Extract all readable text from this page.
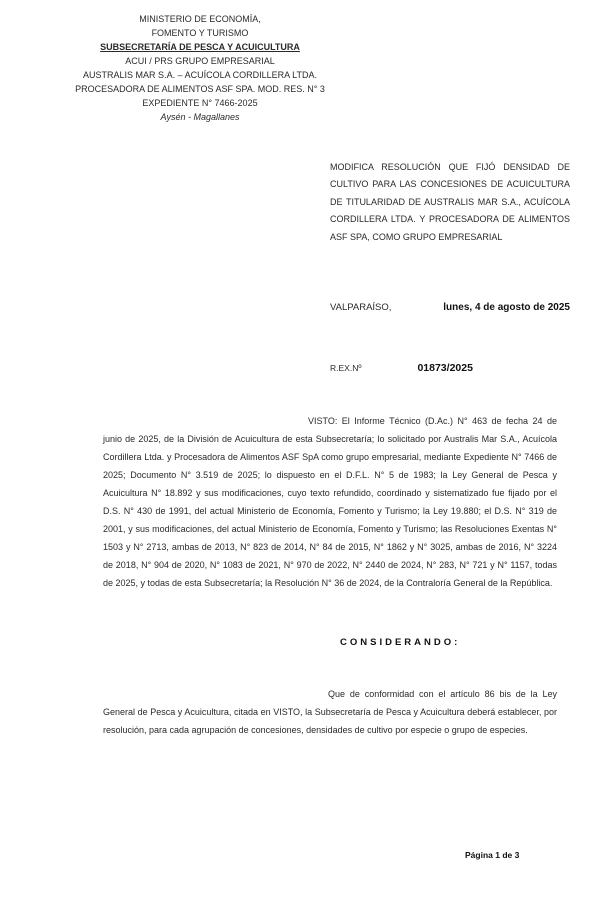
MINISTERIO DE ECONOMÍA,
FOMENTO Y TURISMO
SUBSECRETARÍA DE PESCA Y ACUICULTURA
ACUI / PRS GRUPO EMPRESARIAL
AUSTRALIS MAR S.A. – ACUÍCOLA CORDILLERA LTDA.
PROCESADORA DE ALIMENTOS ASF SPA. MOD. RES. N° 3
EXPEDIENTE N° 7466-2025
Aysén - Magallanes
MODIFICA RESOLUCIÓN QUE FIJÓ DENSIDAD DE CULTIVO PARA LAS CONCESIONES DE ACUICULTURA DE TITULARIDAD DE AUSTRALIS MAR S.A., ACUÍCOLA CORDILLERA LTDA. Y PROCESADORA DE ALIMENTOS ASF SPA, COMO GRUPO EMPRESARIAL
VALPARAÍSO,	lunes, 4 de agosto de 2025
R.EX.Nº	01873/2025

VISTO: El Informe Técnico (D.Ac.) N° 463 de fecha 24 de junio de 2025, de la División de Acuicultura de esta Subsecretaría; lo solicitado por Australis Mar S.A., Acuícola Cordillera Ltda. y Procesadora de Alimentos ASF SpA como grupo empresarial, mediante Expediente N° 7466 de 2025; Documento N° 3.519 de 2025; lo dispuesto en el D.F.L. N° 5 de 1983; la Ley General de Pesca y Acuicultura N° 18.892 y sus modificaciones, cuyo texto refundido, coordinado y sistematizado fue fijado por el D.S. N° 430 de 1991, del actual Ministerio de Economía, Fomento y Turismo; la Ley 19.880; el D.S. N° 319 de 2001, y sus modificaciones, del actual Ministerio de Economía, Fomento y Turismo; las Resoluciones Exentas N° 1503 y N° 2713, ambas de 2013, N° 823 de 2014, N° 84 de 2015, N° 1862 y N° 3025, ambas de 2016, N° 3224 de 2018, N° 904 de 2020, N° 1083 de 2021, N° 970 de 2022, N° 2440 de 2024, N° 283, N° 721 y N° 1157, todas de 2025, y todas de esta Subsecretaría; la Resolución N° 36 de 2024, de la Contraloría General de la República.

CONSIDERANDO:

Que de conformidad con el artículo 86 bis de la Ley General de Pesca y Acuicultura, citada en VISTO, la Subsecretaría de Pesca y Acuicultura deberá establecer, por resolución, para cada agrupación de concesiones, densidades de cultivo por especie o grupo de especies.

Página 1 de 3
